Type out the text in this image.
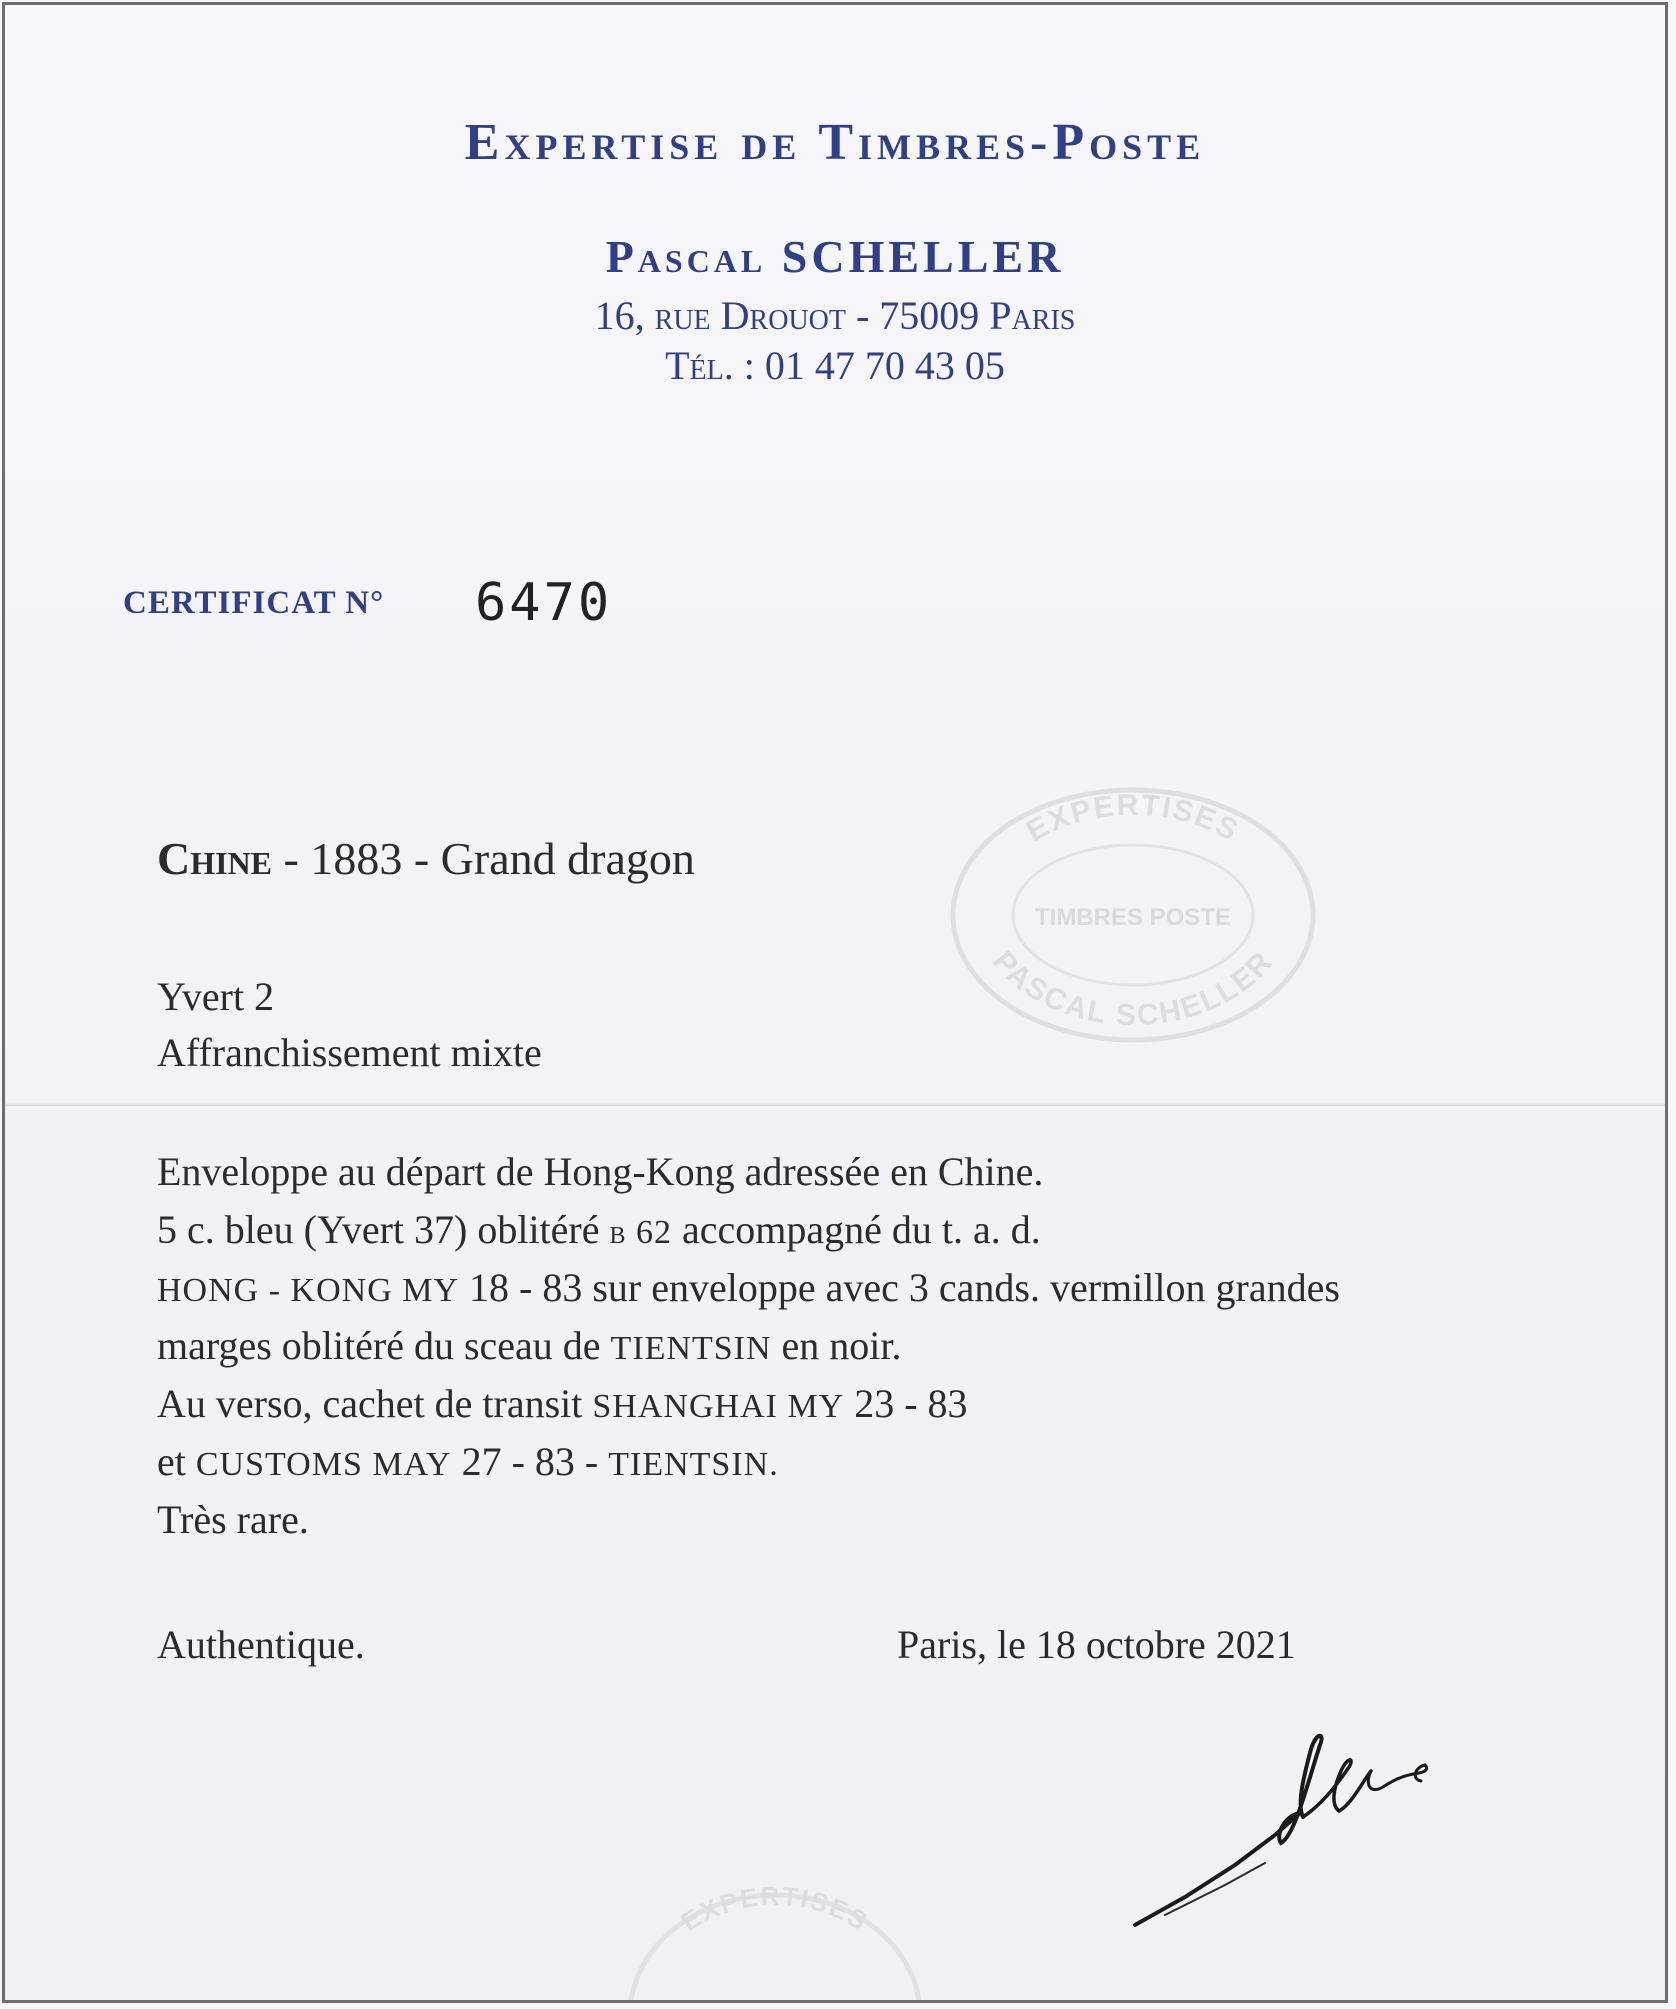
Expertise de Timbres-Poste
Pascal SCHELLER
16, rue Drouot - 75009 Paris
Tél. : 01 47 70 43 05
CERTIFICAT N° 6470
EXPERTISES
TIMBRES POSTE
PASCAL SCHELLER
Chine - 1883 - Grand dragon
Yvert 2
Affranchissement mixte
Enveloppe au départ de Hong-Kong adressée en Chine.
5 c. bleu (Yvert 37) oblitéré b 62 accompagné du t. a. d.
HONG - KONG MY 18 - 83 sur enveloppe avec 3 cands. vermillon grandes
marges oblitéré du sceau de TIENTSIN en noir.
Au verso, cachet de transit SHANGHAI MY 23 - 83
et CUSTOMS MAY 27 - 83 - TIENTSIN.
Très rare.
Authentique.	Paris, le 18 octobre 2021
EXPERTISES
